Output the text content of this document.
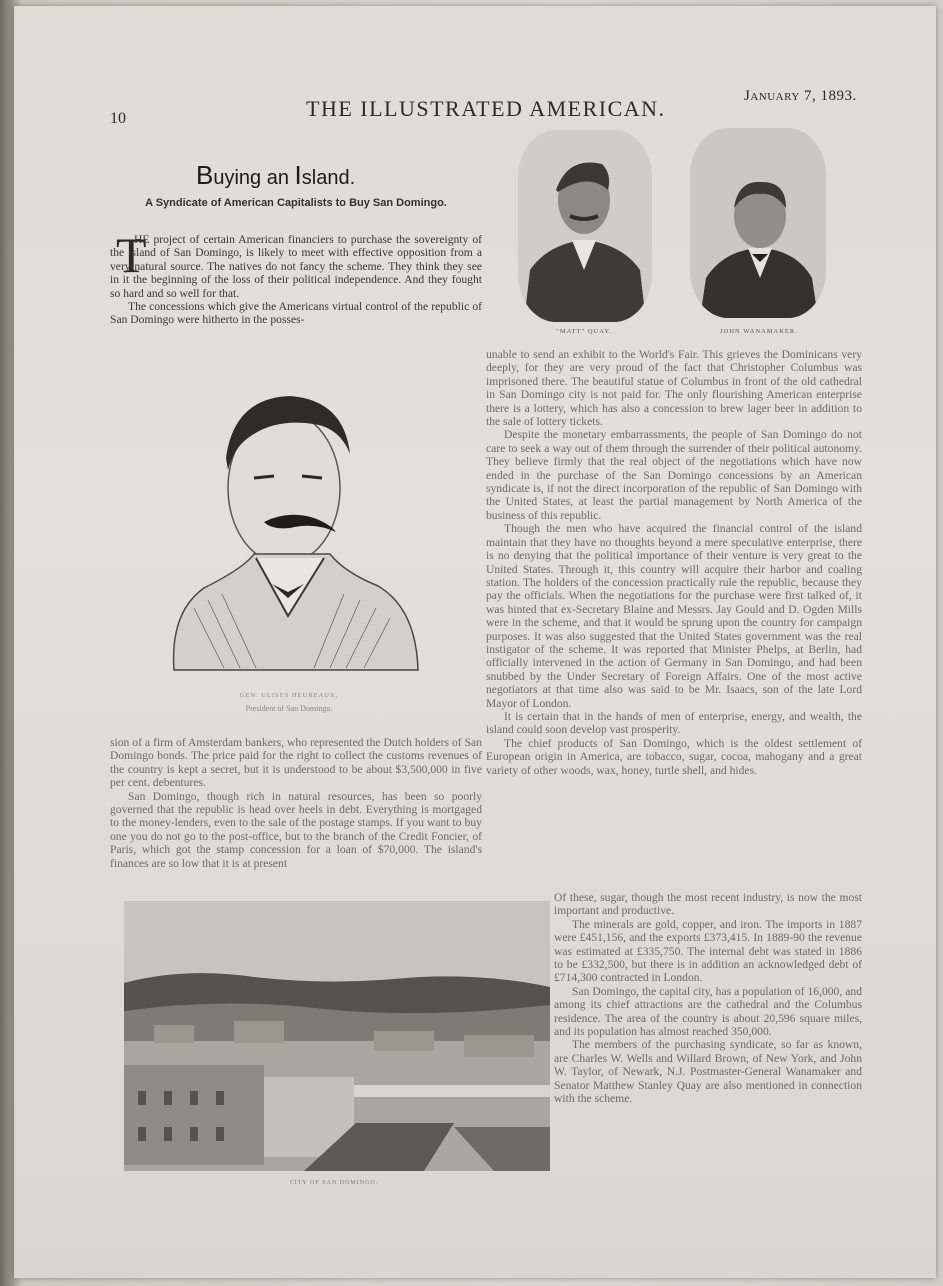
10	THE ILLUSTRATED AMERICAN.	January 7, 1893.
Buying an Island.
A Syndicate of American Capitalists to Buy San Domingo.
T

HE project of certain American financiers to purchase the sovereignty of the island of San Domingo, is likely to meet with effective opposition from a very natural source. The natives do not fancy the scheme. They think they see in it the beginning of the loss of their political independence. And they fought so hard and so well for that.

The concessions which give the Americans virtual control of the republic of San Domingo were hitherto in the posses-

"MATT" QUAY.	JOHN WANAMAKER.
GEN. ULISES HEUREAUX,
President of San Domingo.

sion of a firm of Amsterdam bankers, who represented the Dutch holders of San Domingo bonds. The price paid for the right to collect the customs revenues of the country is kept a secret, but it is understood to be about $3,500,000 in five per cent. debentures.

San Domingo, though rich in natural resources, has been so poorly governed that the republic is head over heels in debt. Everything is mortgaged to the money-lenders, even to the sale of the postage stamps. If you want to buy one you do not go to the post-office, but to the branch of the Credit Foncier, of Paris, which got the stamp concession for a loan of $70,000. The island's finances are so low that it is at present

unable to send an exhibit to the World's Fair. This grieves the Dominicans very deeply, for they are very proud of the fact that Christopher Columbus was imprisoned there. The beautiful statue of Columbus in front of the old cathedral in San Domingo city is not paid for. The only flourishing American enterprise there is a lottery, which has also a concession to brew lager beer in addition to the sale of lottery tickets.

Despite the monetary embarrassments, the people of San Domingo do not care to seek a way out of them through the surrender of their political autonomy. They believe firmly that the real object of the negotiations which have now ended in the purchase of the San Domingo concessions by an American syndicate is, if not the direct incorporation of the republic of San Domingo with the United States, at least the partial management by North America of the business of this republic.

Though the men who have acquired the financial control of the island maintain that they have no thoughts beyond a mere speculative enterprise, there is no denying that the political importance of their venture is very great to the United States. Through it, this country will acquire their harbor and coaling station. The holders of the concession practically rule the republic, because they pay the officials. When the negotiations for the purchase were first talked of, it was hinted that ex-Secretary Blaine and Messrs. Jay Gould and D. Ogden Mills were in the scheme, and that it would be sprung upon the country for campaign purposes. It was also suggested that the United States government was the real instigator of the scheme. It was reported that Minister Phelps, at Berlin, had officially intervened in the action of Germany in San Domingo, and had been snubbed by the Under Secretary of Foreign Affairs. One of the most active negotiators at that time also was said to be Mr. Isaacs, son of the late Lord Mayor of London.

It is certain that in the hands of men of enterprise, energy, and wealth, the island could soon develop vast prosperity.

The chief products of San Domingo, which is the oldest settlement of European origin in America, are tobacco, sugar, cocoa, mahogany and a great variety of other woods, wax, honey, turtle shell, and hides.

Of these, sugar, though the most recent industry, is now the most important and productive.

The minerals are gold, copper, and iron. The imports in 1887 were £451,156, and the exports £373,415. In 1889-90 the revenue was estimated at £335,750. The internal debt was stated in 1886 to be £332,500, but there is in addition an acknowledged debt of £714,300 contracted in London.

San Domingo, the capital city, has a population of 16,000, and among its chief attractions are the cathedral and the Columbus residence. The area of the country is about 20,596 square miles, and its population has almost reached 350,000.

The members of the purchasing syndicate, so far as known, are Charles W. Wells and Willard Brown, of New York, and John W. Taylor, of Newark, N.J. Postmaster-General Wanamaker and Senator Matthew Stanley Quay are also mentioned in connection with the scheme.

CITY OF SAN DOMINGO.
